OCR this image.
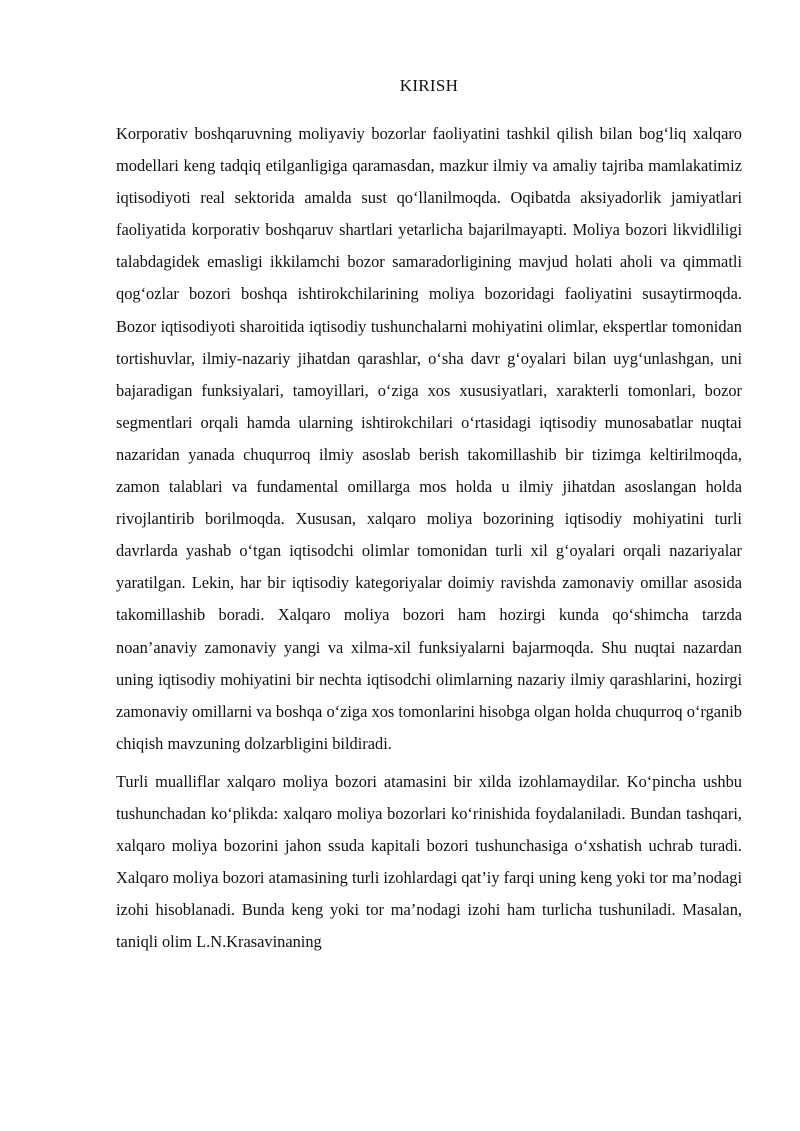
KIRISH

Korporativ boshqaruvning moliyaviy bozorlar faoliyatini tashkil qilish bilan bog‘liq xalqaro modellari keng tadqiq etilganligiga qaramasdan, mazkur ilmiy va amaliy tajriba mamlakatimiz iqtisodiyoti real sektorida amalda sust qo‘llanilmoqda. Oqibatda aksiyadorlik jamiyatlari faoliyatida korporativ boshqaruv shartlari yetarlicha bajarilmayapti. Moliya bozori likvidliligi talabdagidek emasligi ikkilamchi bozor samaradorligining mavjud holati aholi va qimmatli qog‘ozlar bozori boshqa ishtirokchilarining moliya bozoridagi faoliyatini susaytirmoqda. Bozor iqtisodiyoti sharoitida iqtisodiy tushunchalarni mohiyatini olimlar, ekspertlar tomonidan tortishuvlar, ilmiy-nazariy jihatdan qarashlar, o‘sha davr g‘oyalari bilan uyg‘unlashgan, uni bajaradigan funksiyalari, tamoyillari, o‘ziga xos xususiyatlari, xarakterli tomonlari, bozor segmentlari orqali hamda ularning ishtirokchilari o‘rtasidagi iqtisodiy munosabatlar nuqtai nazaridan yanada chuqurroq ilmiy asoslab berish takomillashib bir tizimga keltirilmoqda, zamon talablari va fundamental omillarga mos holda u ilmiy jihatdan asoslangan holda rivojlantirib borilmoqda. Xususan, xalqaro moliya bozorining iqtisodiy mohiyatini turli davrlarda yashab o‘tgan iqtisodchi olimlar tomonidan turli xil g‘oyalari orqali nazariyalar yaratilgan. Lekin, har bir iqtisodiy kategoriyalar doimiy ravishda zamonaviy omillar asosida takomillashib boradi. Xalqaro moliya bozori ham hozirgi kunda qo‘shimcha tarzda noan’anaviy zamonaviy yangi va xilma-xil funksiyalarni bajarmoqda. Shu nuqtai nazardan uning iqtisodiy mohiyatini bir nechta iqtisodchi olimlarning nazariy ilmiy qarashlarini, hozirgi zamonaviy omillarni va boshqa o‘ziga xos tomonlarini hisobga olgan holda chuqurroq o‘rganib chiqish mavzuning dolzarbligini bildiradi.

Turli mualliflar xalqaro moliya bozori atamasini bir xilda izohlamaydilar. Ko‘pincha ushbu tushunchadan ko‘plikda: xalqaro moliya bozorlari ko‘rinishida foydalaniladi. Bundan tashqari, xalqaro moliya bozorini jahon ssuda kapitali bozori tushunchasiga o‘xshatish uchrab turadi. Xalqaro moliya bozori atamasining turli izohlardagi qat’iy farqi uning keng yoki tor ma’nodagi izohi hisoblanadi. Bunda keng yoki tor ma’nodagi izohi ham turlicha tushuniladi. Masalan, taniqli olim L.N.Krasavinaning
